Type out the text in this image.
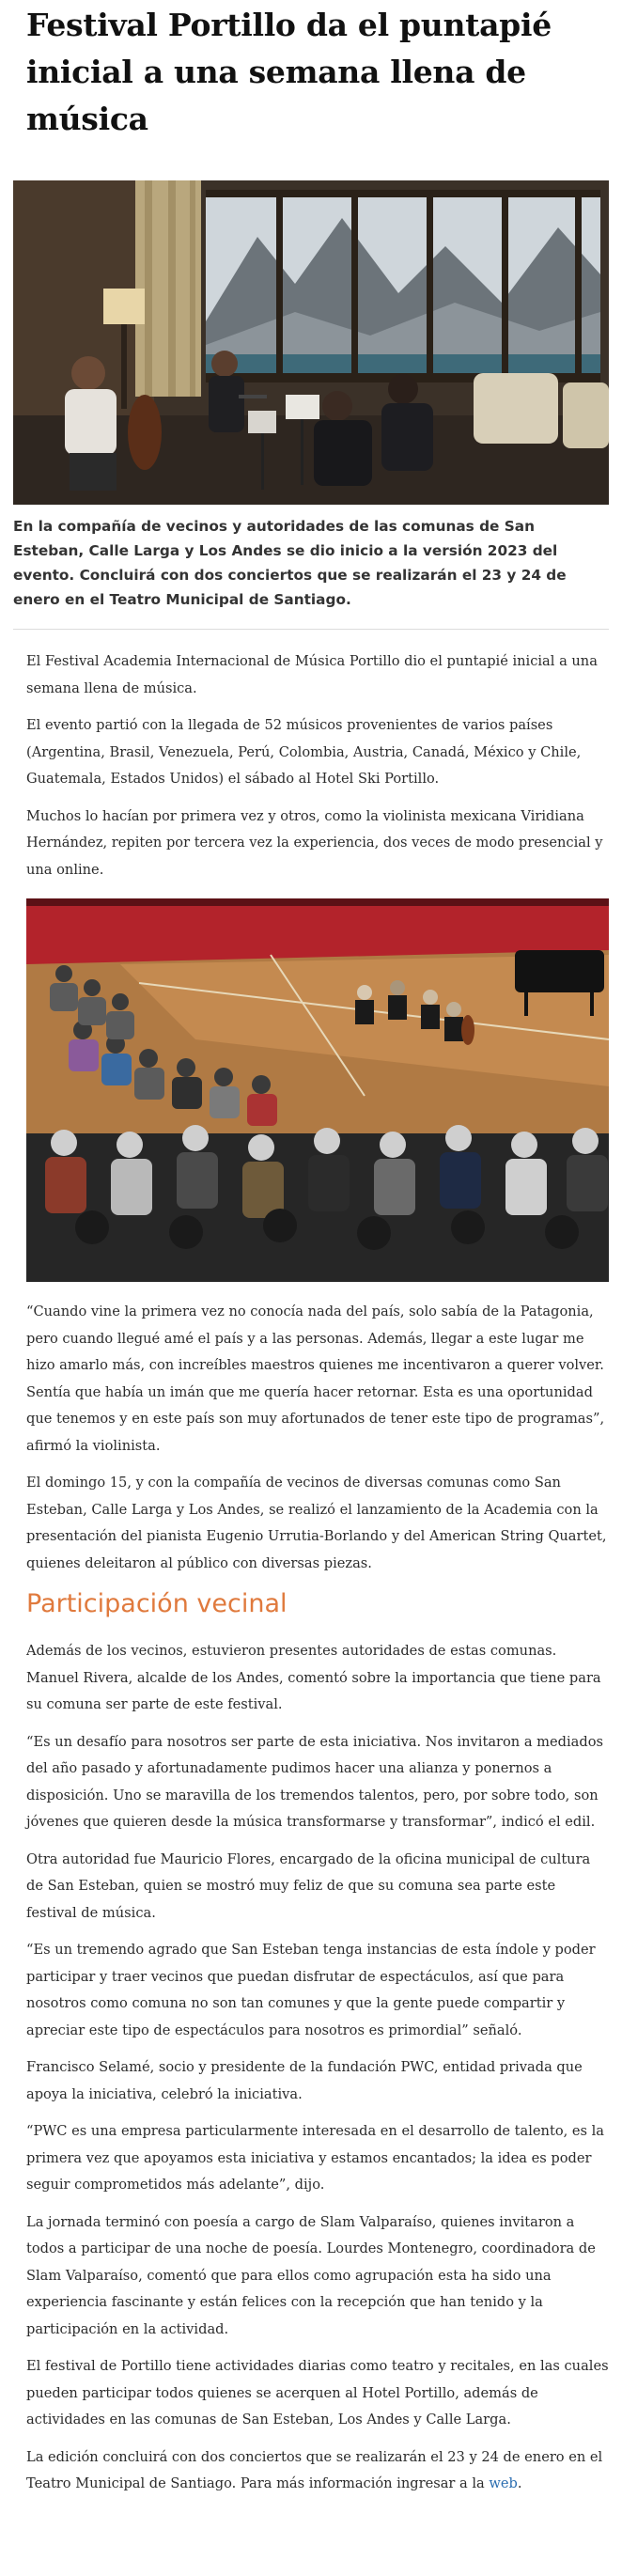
Festival Portillo da el puntapié inicial a una semana llena de música
En la compañía de vecinos y autoridades de las comunas de San Esteban, Calle Larga y Los Andes se dio inicio a la versión 2023 del evento. Concluirá con dos conciertos que se realizarán el 23 y 24 de enero en el Teatro Municipal de Santiago.

El Festival Academia Internacional de Música Portillo dio el puntapié inicial a una semana llena de música.

El evento partió con la llegada de 52 músicos provenientes de varios países (Argentina, Brasil, Venezuela, Perú, Colombia, Austria, Canadá, México y Chile, Guatemala, Estados Unidos) el sábado al Hotel Ski Portillo.

Muchos lo hacían por primera vez y otros, como la violinista mexicana Viridiana Hernández, repiten por tercera vez la experiencia, dos veces de modo presencial y una online.

“Cuando vine la primera vez no conocía nada del país, solo sabía de la Patagonia, pero cuando llegué amé el país y a las personas. Además, llegar a este lugar me hizo amarlo más, con increíbles maestros quienes me incentivaron a querer volver. Sentía que había un imán que me quería hacer retornar. Esta es una oportunidad que tenemos y en este país son muy afortunados de tener este tipo de programas”, afirmó la violinista.

El domingo 15, y con la compañía de vecinos de diversas comunas como San Esteban, Calle Larga y Los Andes, se realizó el lanzamiento de la Academia con la presentación del pianista Eugenio Urrutia-Borlando y del American String Quartet, quienes deleitaron al público con diversas piezas.

Participación vecinal

Además de los vecinos, estuvieron presentes autoridades de estas comunas. Manuel Rivera, alcalde de los Andes, comentó sobre la importancia que tiene para su comuna ser parte de este festival.

“Es un desafío para nosotros ser parte de esta iniciativa. Nos invitaron a mediados del año pasado y afortunadamente pudimos hacer una alianza y ponernos a disposición. Uno se maravilla de los tremendos talentos, pero, por sobre todo, son jóvenes que quieren desde la música transformarse y transformar”, indicó el edil.

Otra autoridad fue Mauricio Flores, encargado de la oficina municipal de cultura de San Esteban, quien se mostró muy feliz de que su comuna sea parte este festival de música.

“Es un tremendo agrado que San Esteban tenga instancias de esta índole y poder participar y traer vecinos que puedan disfrutar de espectáculos, así que para nosotros como comuna no son tan comunes y que la gente puede compartir y apreciar este tipo de espectáculos para nosotros es primordial” señaló.

Francisco Selamé, socio y presidente de la fundación PWC, entidad privada que apoya la iniciativa, celebró la iniciativa.

“PWC es una empresa particularmente interesada en el desarrollo de talento, es la primera vez que apoyamos esta iniciativa y estamos encantados; la idea es poder seguir comprometidos más adelante”, dijo.

La jornada terminó con poesía a cargo de Slam Valparaíso, quienes invitaron a todos a participar de una noche de poesía. Lourdes Montenegro, coordinadora de Slam Valparaíso, comentó que para ellos como agrupación esta ha sido una experiencia fascinante y están felices con la recepción que han tenido y la participación en la actividad.

El festival de Portillo tiene actividades diarias como teatro y recitales, en las cuales pueden participar todos quienes se acerquen al Hotel Portillo, además de actividades en las comunas de San Esteban, Los Andes y Calle Larga.

La edición concluirá con dos conciertos que se realizarán el 23 y 24 de enero en el Teatro Municipal de Santiago. Para más información ingresar a la web.
